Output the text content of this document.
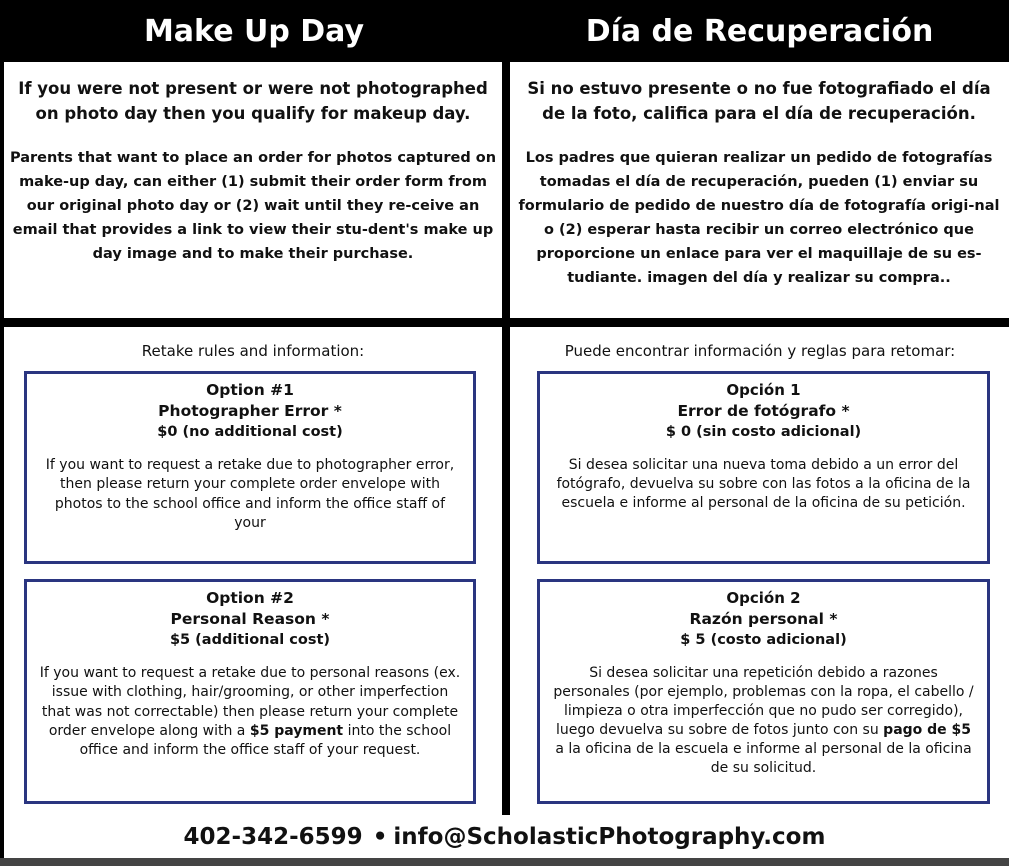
Make Up Day	Día de Recuperación

If you were not present or were not photographed on photo day then you qualify for makeup day.

Parents that want to place an order for photos captured on make-up day, can either (1) submit their order form from our original photo day or (2) wait until they re-ceive an email that provides a link to view their stu-dent's make up day image and to make their purchase.

Si no estuvo presente o no fue fotografiado el día de la foto, califica para el día de recuperación.

Los padres que quieran realizar un pedido de fotografías tomadas el día de recuperación, pueden (1) enviar su formulario de pedido de nuestro día de fotografía origi-nal o (2) esperar hasta recibir un correo electrónico que proporcione un enlace para ver el maquillaje de su es-tudiante. imagen del día y realizar su compra..

Retake rules and information:	Puede encontrar información y reglas para retomar:
Option #1
Photographer Error *
$0 (no additional cost)
If you want to request a retake due to photographer error, then please return your complete order envelope with photos to the school office and inform the office staff of your
Opción 1
Error de fotógrafo *
$ 0 (sin costo adicional)
Si desea solicitar una nueva toma debido a un error del fotógrafo, devuelva su sobre con las fotos a la oficina de la escuela e informe al personal de la oficina de su petición.
Option #2
Personal Reason *
$5 (additional cost)
If you want to request a retake due to personal reasons (ex. issue with clothing, hair/grooming, or other imperfection that was not correctable) then please return your complete order envelope along with a $5 payment into the school office and inform the office staff of your request.
Opción 2
Razón personal *
$ 5 (costo adicional)
Si desea solicitar una repetición debido a razones personales (por ejemplo, problemas con la ropa, el cabello / limpieza o otra imperfección que no pudo ser corregido), luego devuelva su sobre de fotos junto con su pago de $5 a la oficina de la escuela e informe al personal de la oficina de su solicitud.
402-342-6599 • info@ScholasticPhotography.com
